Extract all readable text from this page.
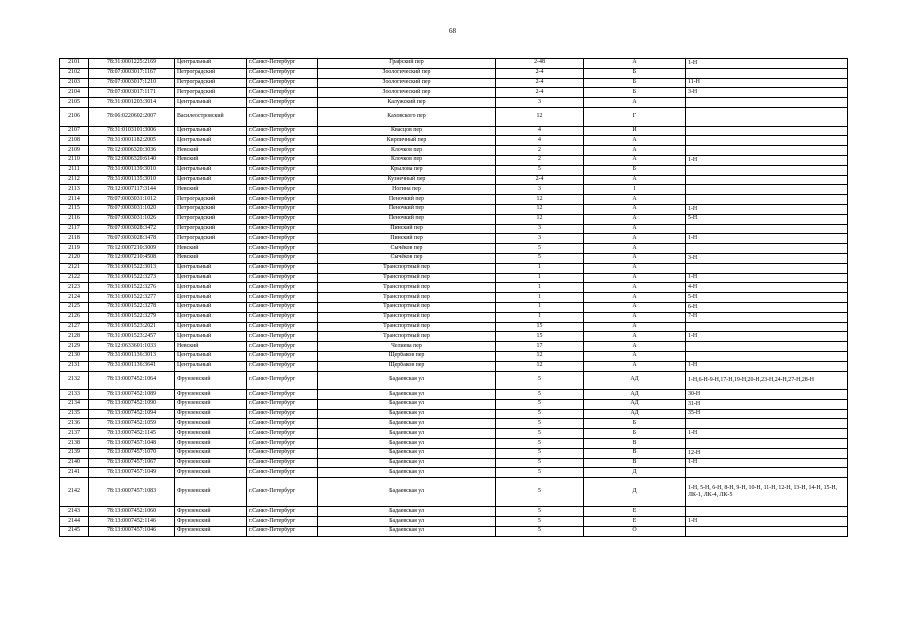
68
2101	78:31:0001225:2169	Центральный	г.Санкт-Петербург	Графский пер	2-48	А	1-Н
2102	78:07:0003017:1167	Петроградский	г.Санкт-Петербург	Зоологический пер	2-4	Б	
2103	78:07:0003017:1210	Петроградский	г.Санкт-Петербург	Зоологический пер	2-4	Б	11-Н
2104	78:07:0003017:1171	Петроградский	г.Санкт-Петербург	Зоологический пер	2-4	Б	3-Н
2105	78:31:0001203:3014	Центральный	г.Санкт-Петербург	Калужский пер	3	А	
2106	78:06:0220602:2007	Василеостровский	г.Санкт-Петербург	Каховского пер	12	Г	
2107	78:31:0103101:3006	Центральный	г.Санкт-Петербург	Квасцов пер	4	И	
2108	78:31:0001182:2005	Центральный	г.Санкт-Петербург	Кирпичный пер	4	А	
2109	78:12:0006320:3036	Невский	г.Санкт-Петербург	Клочков пер	2	А	
2110	78:12:0006320:6140	Невский	г.Санкт-Петербург	Клочков пер	2	А	1-Н
2111	78:31:0001139:3010	Центральный	г.Санкт-Петербург	Крылова пер	5	Б	
2112	78:31:0001135:3010	Центральный	г.Санкт-Петербург	Кузнечный пер	2-4	А	
2113	78:12:0007117:3144	Невский	г.Санкт-Петербург	Ногина пер	3	I	
2114	78:07:0003031:1012	Петроградский	г.Санкт-Петербург	Пеночкий пер	12	А	
2115	78:07:0003031:1020	Петроградский	г.Санкт-Петербург	Пеночкий пер	12	А	1-Н
2116	78:07:0003031:1026	Петроградский	г.Санкт-Петербург	Пеночкий пер	12	А	5-Н
2117	78:07:0003028:3472	Петроградский	г.Санкт-Петербург	Пинский пер	3	А	
2118	78:07:0003028:3478	Петроградский	г.Санкт-Петербург	Пинский пер	3	А	1-Н
2119	78:12:0007210:3009	Невский	г.Санкт-Петербург	Сычёков пер	5	А	
2120	78:12:0007210:4508	Невский	г.Санкт-Петербург	Сычёков пер	5	А	3-Н
2121	78:31:0001522:3013	Центральный	г.Санкт-Петербург	Транспортный пер	1	А	
2122	78:31:0001522:3273	Центральный	г.Санкт-Петербург	Транспортный пер	1	А	1-Н
2123	78:31:0001522:3276	Центральный	г.Санкт-Петербург	Транспортный пер	1	А	4-Н
2124	78:31:0001522:3277	Центральный	г.Санкт-Петербург	Транспортный пер	1	А	5-Н
2125	78:31:0001522:3278	Центральный	г.Санкт-Петербург	Транспортный пер	1	А	6-Н
2126	78:31:0001522:3279	Центральный	г.Санкт-Петербург	Транспортный пер	1	А	7-Н
2127	78:31:0001523:2021	Центральный	г.Санкт-Петербург	Транспортный пер	15	А	
2128	78:31:0001523:2457	Центральный	г.Санкт-Петербург	Транспортный пер	15	А	1-Н
2129	78:12:0633601:1033	Невский	г.Санкт-Петербург	Челиева пер	17	А	
2130	78:31:0001136:3013	Центральный	г.Санкт-Петербург	Щербаков пер	12	А	
2131	78:31:0001136:3641	Центральный	г.Санкт-Петербург	Щербаков пер	12	А	1-Н
2132	78:13:0007452:1064	Фрунзенский	г.Санкт-Петербург	Бадаевская ул	5	АД	1-Н,6-Н-9-Н,17-Н,19-Н,20-Н,23-Н,24-Н,27-Н,28-Н
2133	78:13:0007452:1089	Фрунзенский	г.Санкт-Петербург	Бадаевская ул	5	АД	30-Н
2134	78:13:0007452:1090	Фрунзенский	г.Санкт-Петербург	Бадаевская ул	5	АД	31-Н
2135	78:13:0007452:1094	Фрунзенский	г.Санкт-Петербург	Бадаевская ул	5	АД	35-Н
2136	78:13:0007452:1059	Фрунзенский	г.Санкт-Петербург	Бадаевская ул	5	Б	
2137	78:13:0007452:1145	Фрунзенский	г.Санкт-Петербург	Бадаевская ул	5	Б	1-Н
2138	78:13:0007457:1048	Фрунзенский	г.Санкт-Петербург	Бадаевская ул	5	В	
2139	78:13:0007457:1070	Фрунзенский	г.Санкт-Петербург	Бадаевская ул	5	В	12-Н
2140	78:13:0007457:1067	Фрунзенский	г.Санкт-Петербург	Бадаевская ул	5	В	1-Н
2141	78:13:0007457:1049	Фрунзенский	г.Санкт-Петербург	Бадаевская ул	5	Д	
2142	78:13:0007457:1083	Фрунзенский	г.Санкт-Петербург	Бадаевская ул	5	Д	1-Н, 5-Н, 6-Н, 8-Н, 9-Н, 10-Н, 11-Н, 12-Н, 13-Н, 14-Н, 15-Н, ЛК-1, ЛК-4, ЛК-5
2143	78:13:0007452:1060	Фрунзенский	г.Санкт-Петербург	Бадаевская ул	5	Е	
2144	78:13:0007452:1146	Фрунзенский	г.Санкт-Петербург	Бадаевская ул	5	Е	1-Н
2145	78:13:0007457:1046	Фрунзенский	г.Санкт-Петербург	Бадаевская ул	5	О	
